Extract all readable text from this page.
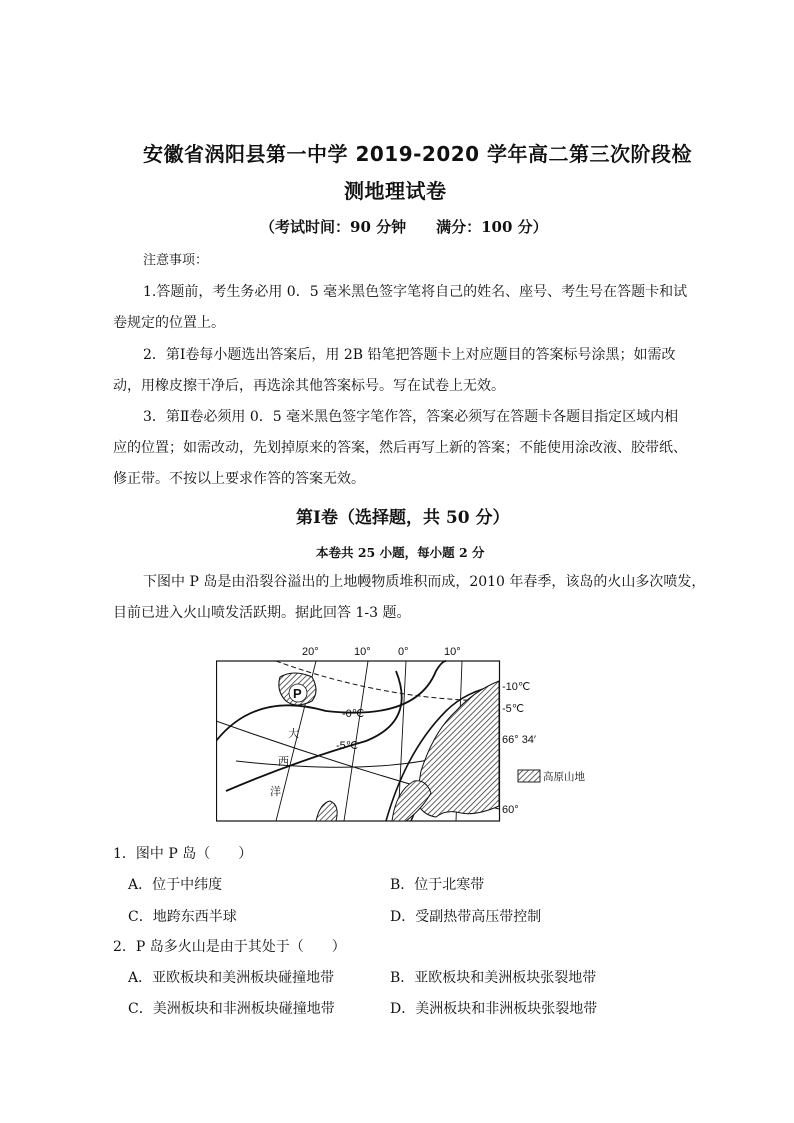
安徽省涡阳县第一中学 2019-2020 学年高二第三次阶段检
测地理试卷
（考试时间：90 分钟　　满分：100 分）
注意事项：
1.答题前，考生务必用 0．5 毫米黑色签字笔将自己的姓名、座号、考生号在答题卡和试
卷规定的位置上。
2．第Ⅰ卷每小题选出答案后，用 2B 铅笔把答题卡上对应题目的答案标号涂黑；如需改
动，用橡皮擦干净后，再选涂其他答案标号。写在试卷上无效。
3．第Ⅱ卷必须用 0．5 毫米黑色签字笔作答，答案必须写在答题卡各题目指定区域内相
应的位置；如需改动，先划掉原来的答案，然后再写上新的答案；不能使用涂改液、胶带纸、
修正带。不按以上要求作答的答案无效。
第Ⅰ卷（选择题，共 50 分）
本卷共 25 小题，每小题 2 分
下图中 P 岛是由沿裂谷溢出的上地幔物质堆积而成，2010 年春季，该岛的火山多次喷发，
目前已进入火山喷发活跃期。据此回答 1-3 题。
P
20°	10° 0°	10°
-10℃
-5℃
-0℃
-5℃	66° 34′
60°
大
西
洋
高原山地
1．图中 P 岛（　　）
A．位于中纬度	B．位于北寒带
C．地跨东西半球	D．受副热带高压带控制
2．P 岛多火山是由于其处于（　　）
A．亚欧板块和美洲板块碰撞地带	B．亚欧板块和美洲板块张裂地带
C．美洲板块和非洲板块碰撞地带	D．美洲板块和非洲板块张裂地带
